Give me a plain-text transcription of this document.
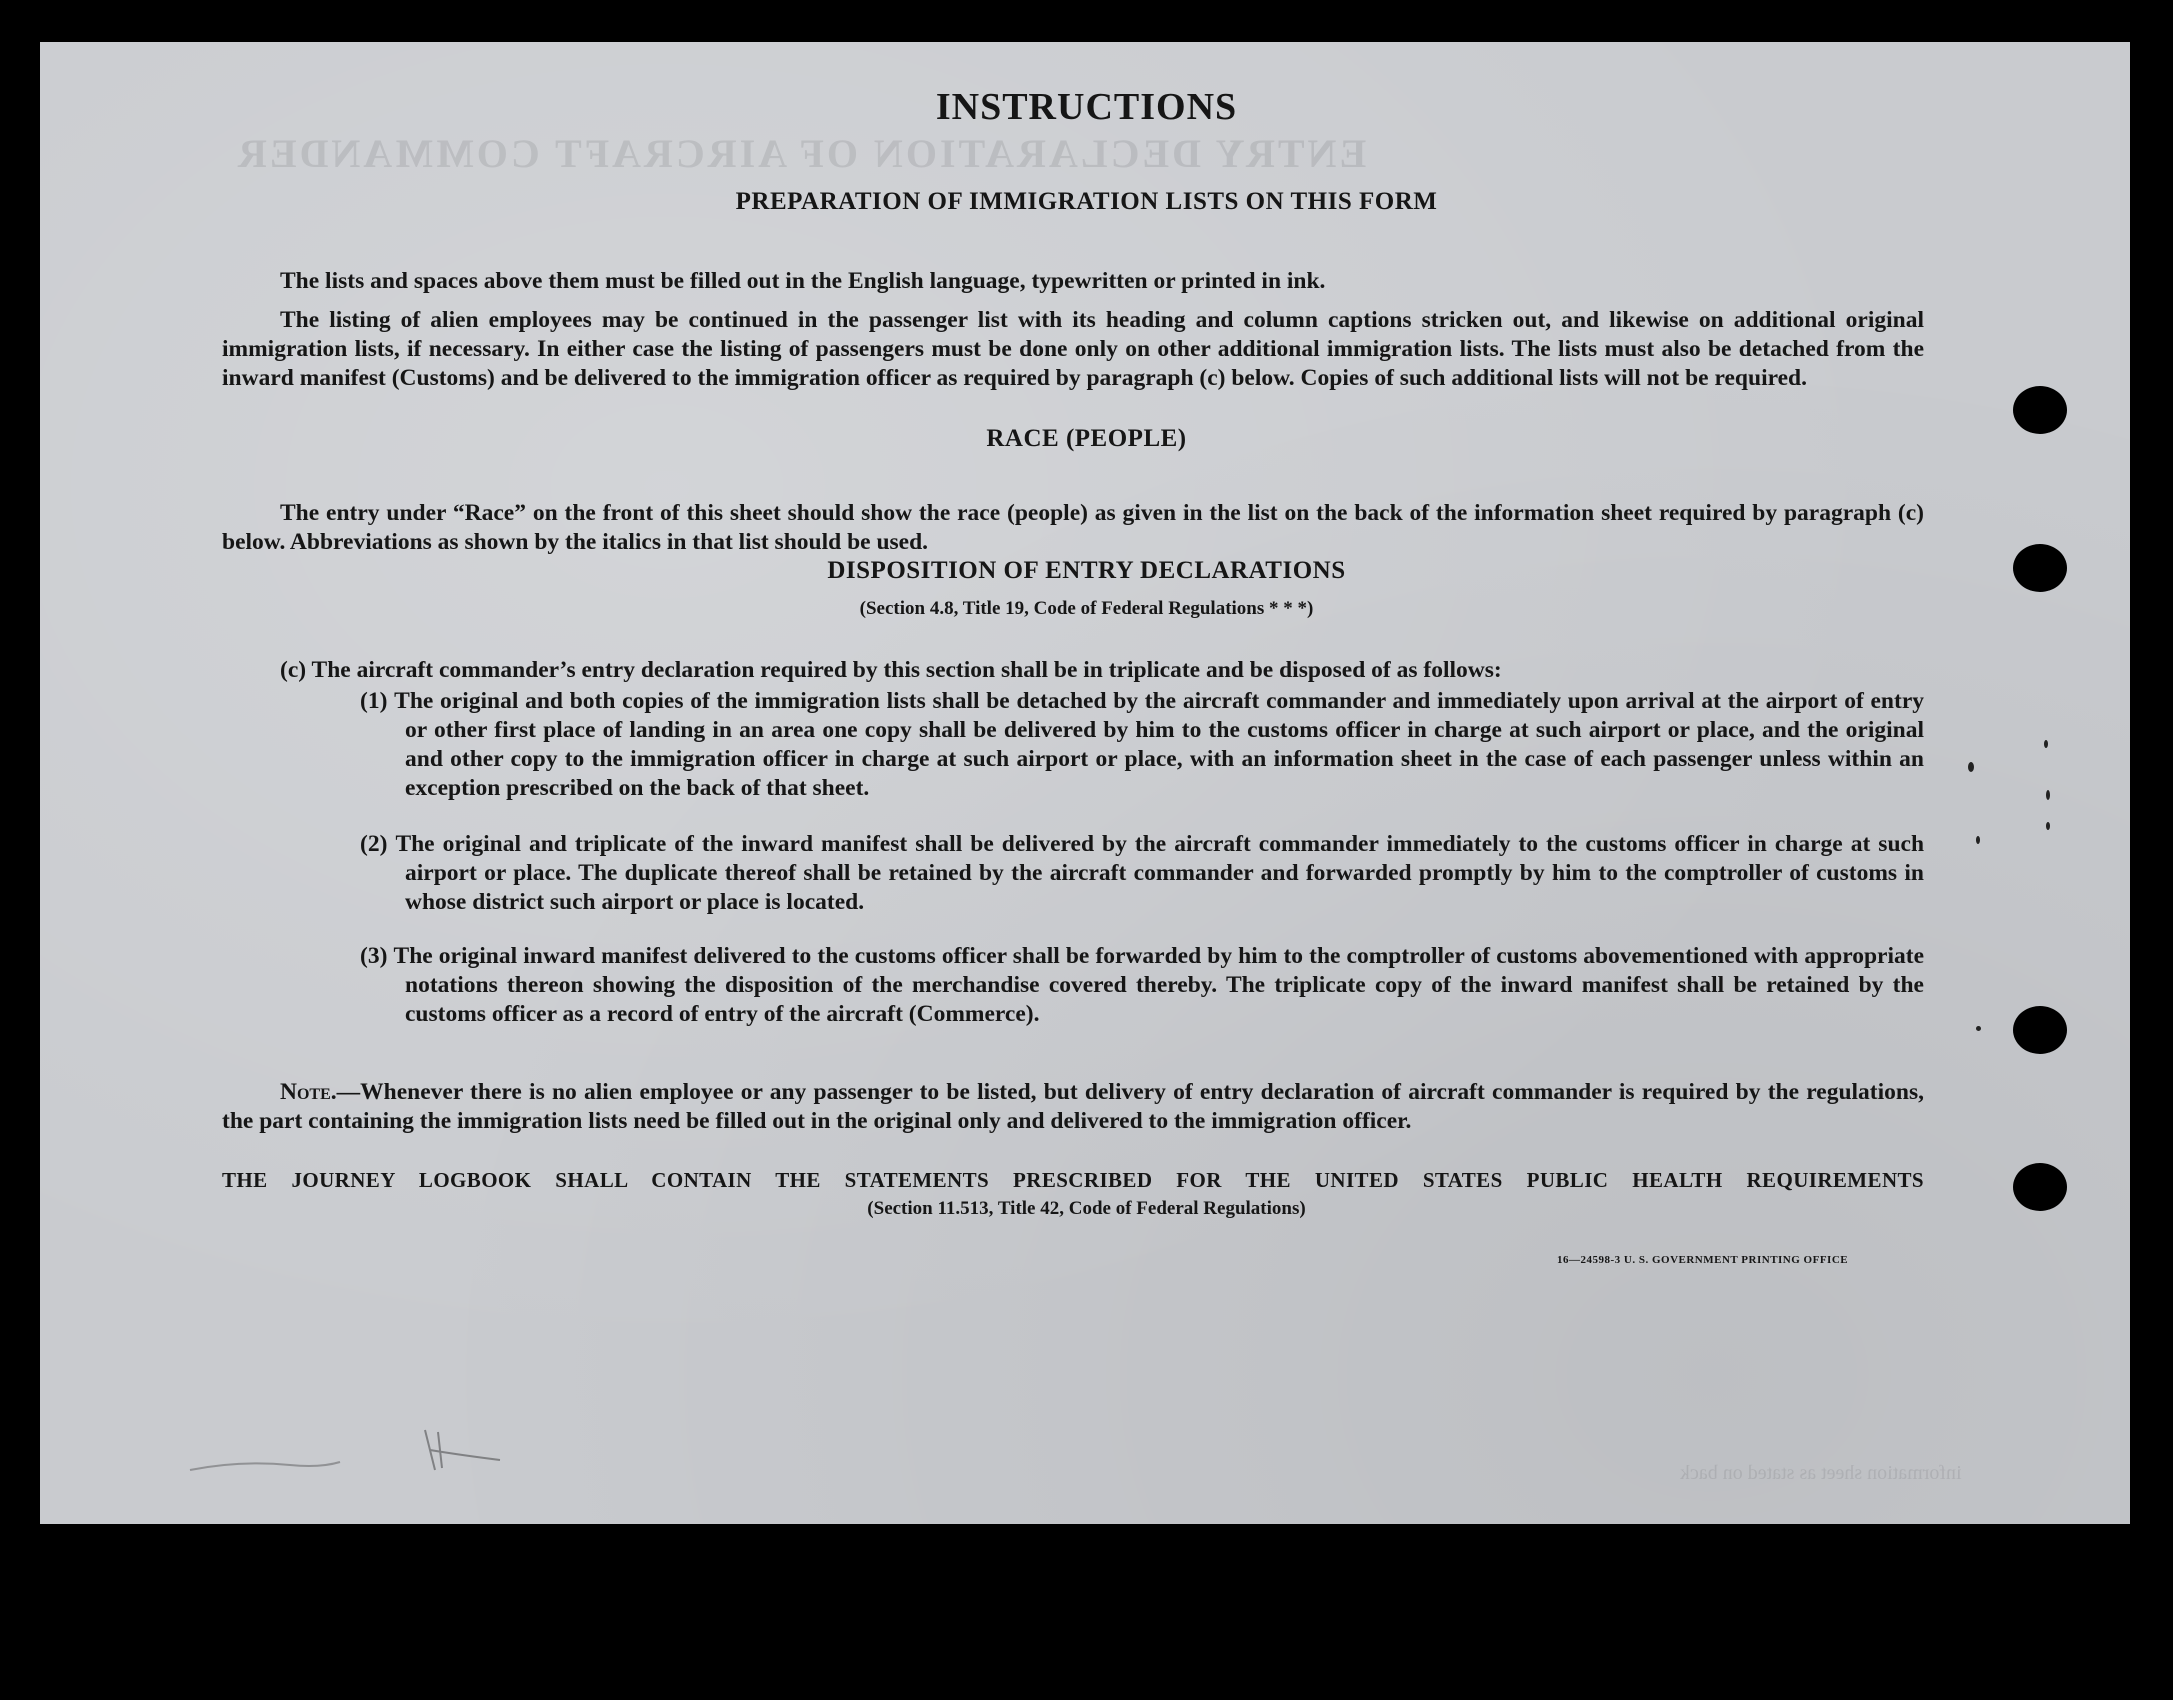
ENTRY DECLARATION OF AIRCRAFT COMMANDER
information sheet as stated on back
INSTRUCTIONS
PREPARATION OF IMMIGRATION LISTS ON THIS FORM

The lists and spaces above them must be filled out in the English language, typewritten or printed in ink.

The listing of alien employees may be continued in the passenger list with its heading and column captions stricken out, and likewise on additional original immigration lists, if necessary. In either case the listing of passengers must be done only on other additional immigration lists. The lists must also be detached from the inward manifest (Customs) and be delivered to the immigration officer as required by paragraph (c) below. Copies of such additional lists will not be required.

RACE (PEOPLE)

The entry under “Race” on the front of this sheet should show the race (people) as given in the list on the back of the information sheet required by paragraph (c) below. Abbreviations as shown by the italics in that list should be used.

DISPOSITION OF ENTRY DECLARATIONS
(Section 4.8, Title 19, Code of Federal Regulations * * *)

(c) The aircraft commander’s entry declaration required by this section shall be in triplicate and be disposed of as follows:

(1) The original and both copies of the immigration lists shall be detached by the aircraft commander and immediately upon arrival at the airport of entry or other first place of landing in an area one copy shall be delivered by him to the customs officer in charge at such airport or place, and the original and other copy to the immigration officer in charge at such airport or place, with an information sheet in the case of each passenger unless within an exception prescribed on the back of that sheet.
(2) The original and triplicate of the inward manifest shall be delivered by the aircraft commander immediately to the customs officer in charge at such airport or place. The duplicate thereof shall be retained by the aircraft commander and forwarded promptly by him to the comptroller of customs in whose district such airport or place is located.
(3) The original inward manifest delivered to the customs officer shall be forwarded by him to the comptroller of customs abovementioned with appropriate notations thereon showing the disposition of the merchandise covered thereby. The triplicate copy of the inward manifest shall be retained by the customs officer as a record of entry of the aircraft (Commerce).

Note.—Whenever there is no alien employee or any passenger to be listed, but delivery of entry declaration of aircraft commander is required by the regulations, the part containing the immigration lists need be filled out in the original only and delivered to the immigration officer.

THE JOURNEY LOGBOOK SHALL CONTAIN THE STATEMENTS PRESCRIBED FOR THE UNITED STATES PUBLIC HEALTH REQUIREMENTS
(Section 11.513, Title 42, Code of Federal Regulations)
16—24598-3 U. S. GOVERNMENT PRINTING OFFICE
